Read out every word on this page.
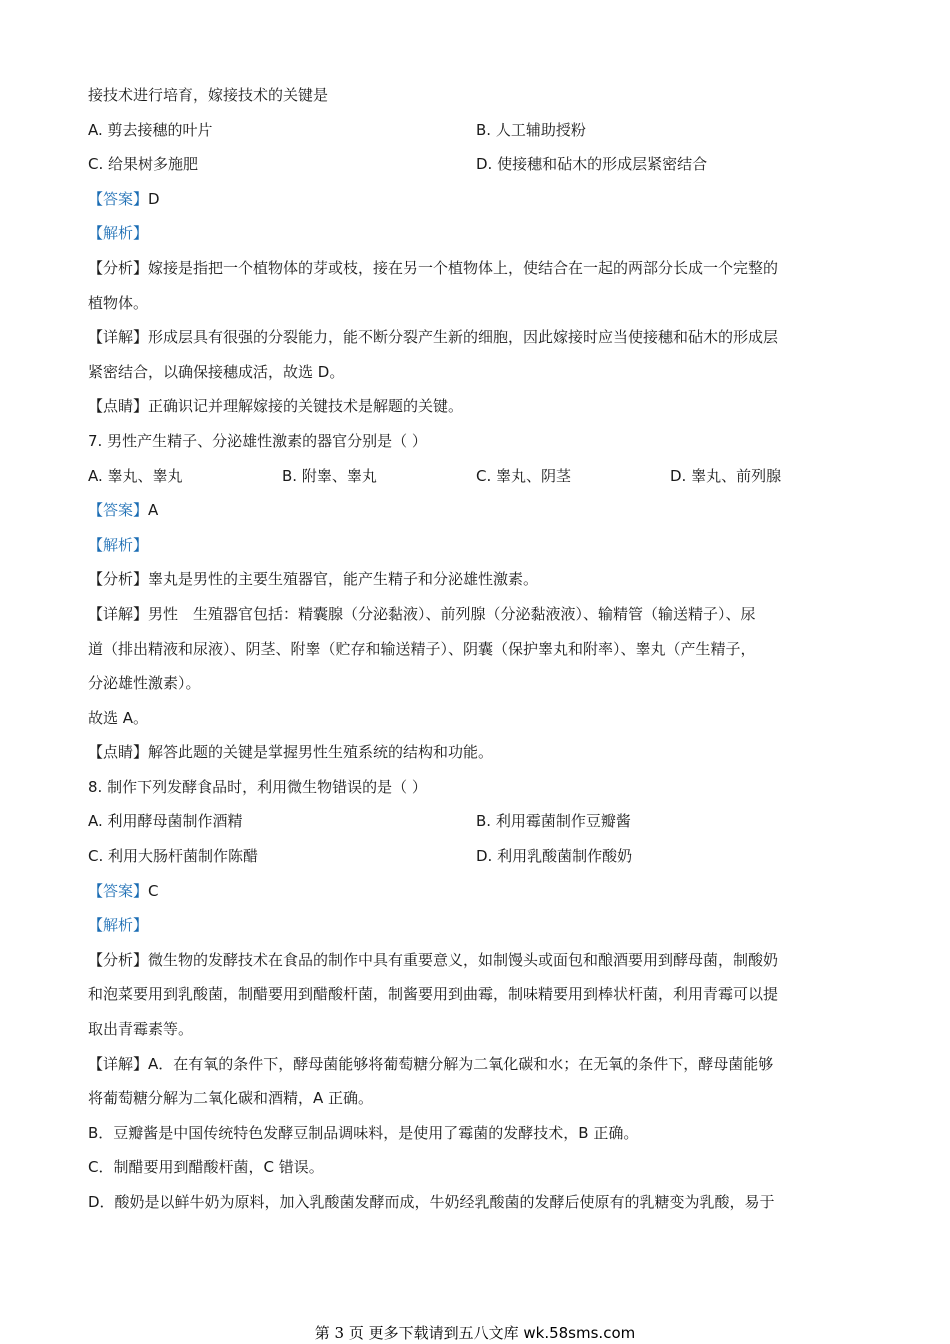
接技术进行培育，嫁接技术的关键是

A. 剪去接穗的叶片	B. 人工辅助授粉
C. 给果树多施肥	D. 使接穗和砧木的形成层紧密结合

【答案】D

【解析】

【分析】嫁接是指把一个植物体的芽或枝，接在另一个植物体上，使结合在一起的两部分长成一个完整的

植物体。

【详解】形成层具有很强的分裂能力，能不断分裂产生新的细胞，因此嫁接时应当使接穗和砧木的形成层

紧密结合，以确保接穗成活，故选 D。

【点睛】正确识记并理解嫁接的关键技术是解题的关键。

7. 男性产生精子、分泌雄性激素的器官分别是（ ）

A. 睾丸、睾丸	B. 附睾、睾丸	C. 睾丸、阴茎	D. 睾丸、前列腺

【答案】A

【解析】

【分析】睾丸是男性的主要生殖器官，能产生精子和分泌雄性激素。

【详解】男性　生殖器官包括：精囊腺（分泌黏液）、前列腺（分泌黏液液）、输精管（输送精子）、尿

道（排出精液和尿液）、阴茎、附睾（贮存和输送精子）、阴囊（保护睾丸和附率）、睾丸（产生精子，

分泌雄性激素）。

故选 A。

【点睛】解答此题的关键是掌握男性生殖系统的结构和功能。

8. 制作下列发酵食品时，利用微生物错误的是（ ）

A. 利用酵母菌制作酒精	B. 利用霉菌制作豆瓣酱
C. 利用大肠杆菌制作陈醋	D. 利用乳酸菌制作酸奶

【答案】C

【解析】

【分析】微生物的发酵技术在食品的制作中具有重要意义，如制馒头或面包和酿酒要用到酵母菌，制酸奶

和泡菜要用到乳酸菌，制醋要用到醋酸杆菌，制酱要用到曲霉，制味精要用到棒状杆菌，利用青霉可以提

取出青霉素等。

【详解】A．在有氧的条件下，酵母菌能够将葡萄糖分解为二氧化碳和水；在无氧的条件下，酵母菌能够

将葡萄糖分解为二氧化碳和酒精，A 正确。

B．豆瓣酱是中国传统特色发酵豆制品调味料，是使用了霉菌的发酵技术，B 正确。

C．制醋要用到醋酸杆菌，C 错误。

D．酸奶是以鲜牛奶为原料，加入乳酸菌发酵而成，牛奶经乳酸菌的发酵后使原有的乳糖变为乳酸，易于

第 3 页 更多下载请到五八文库 wk.58sms.com
